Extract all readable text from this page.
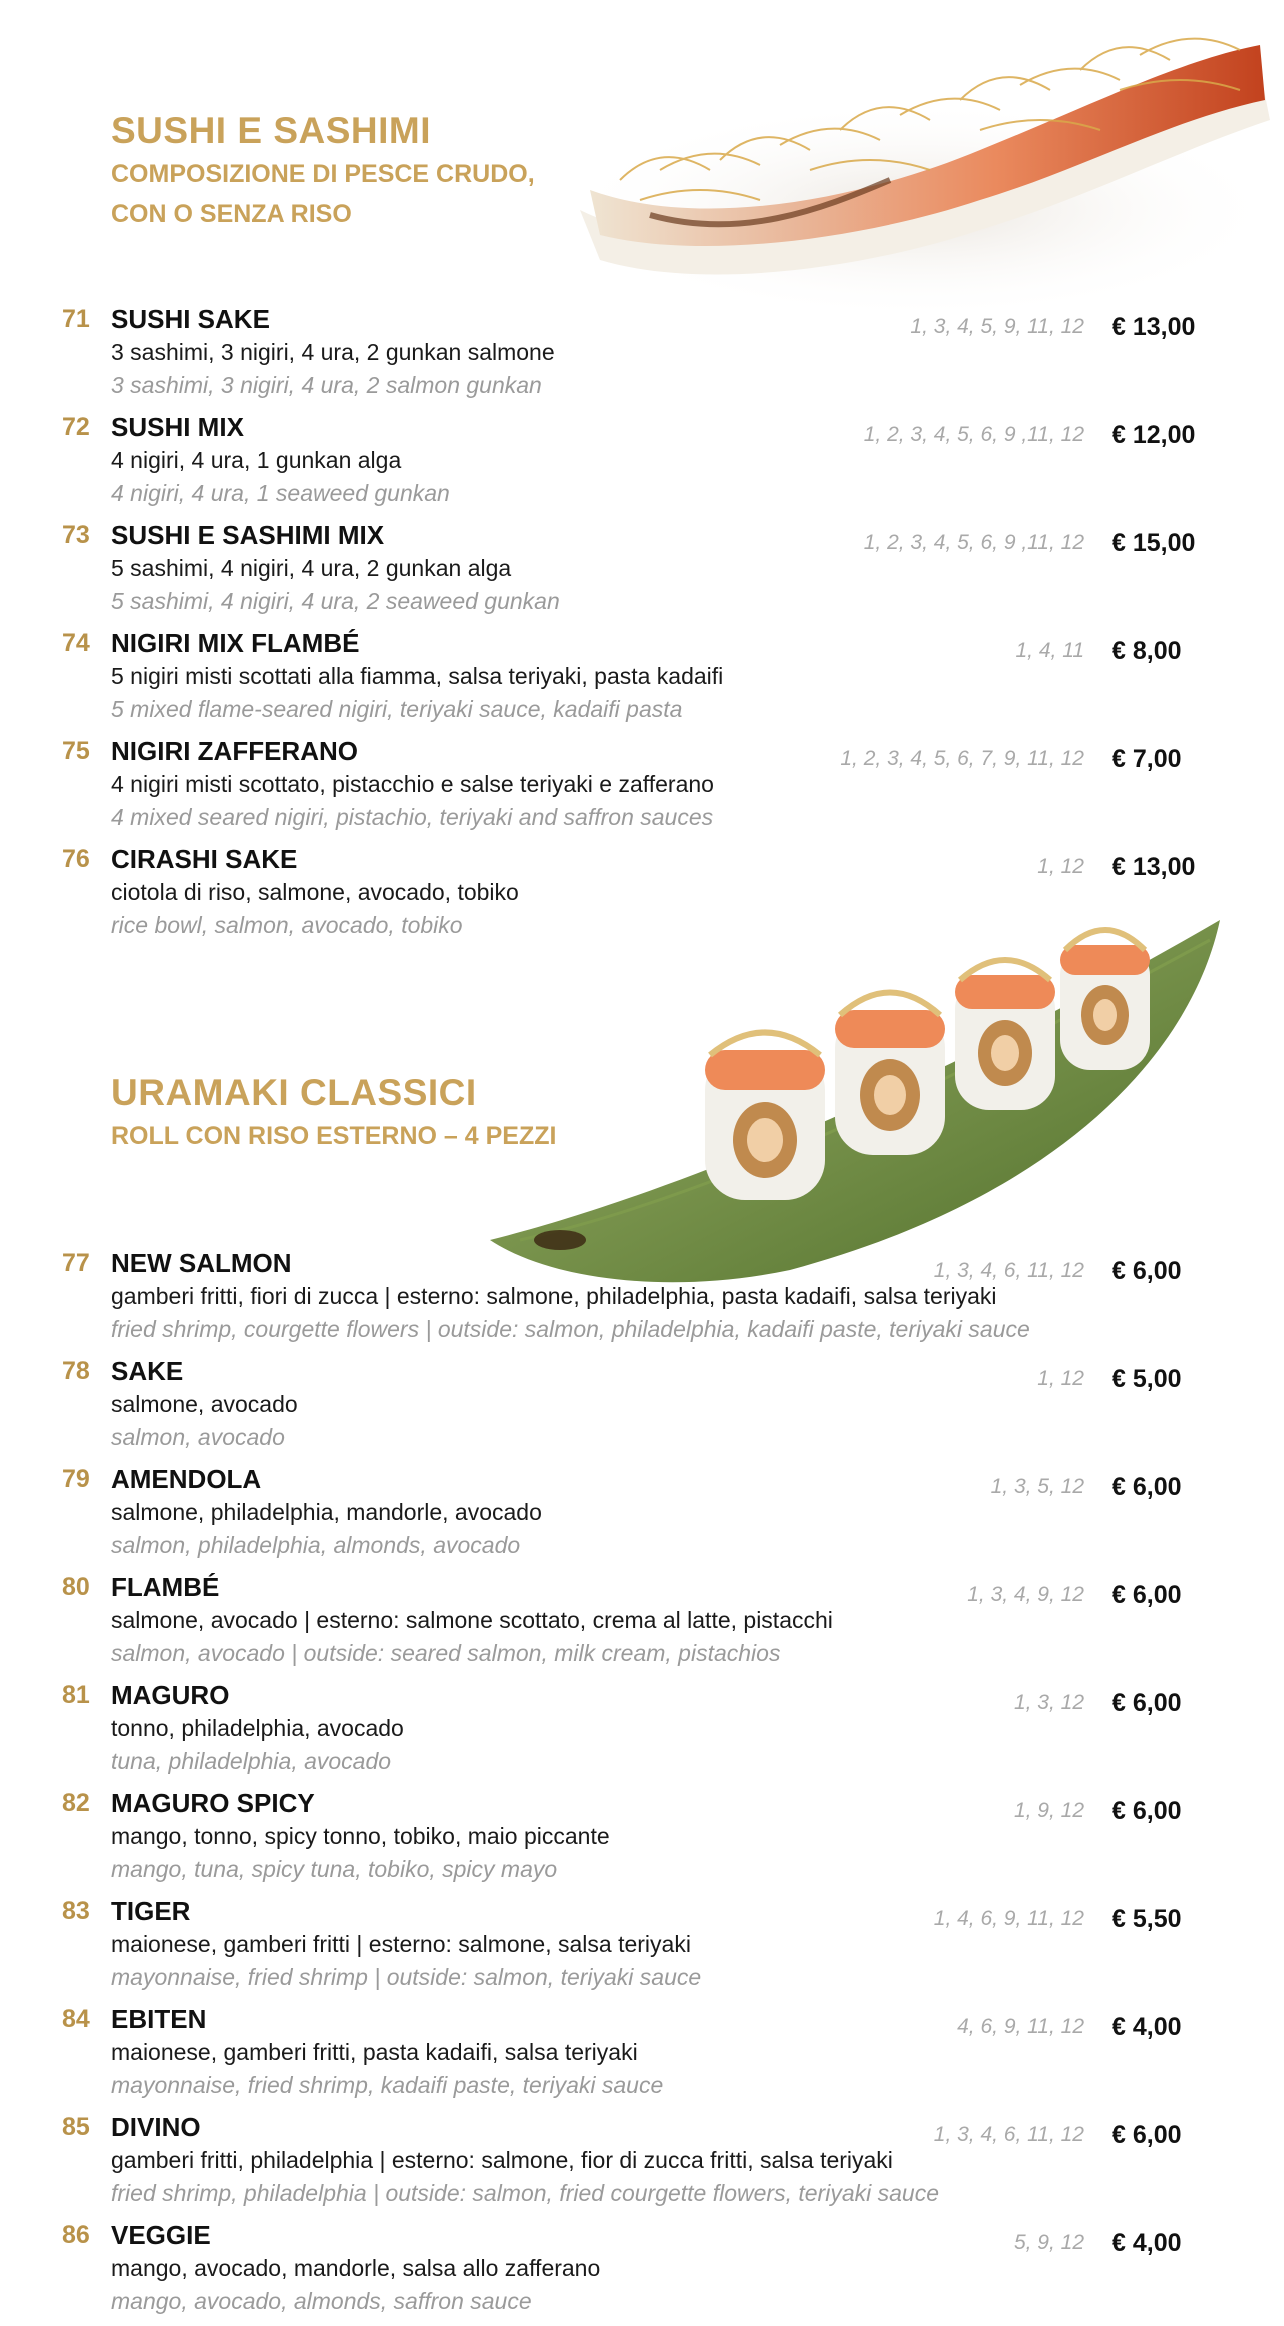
SUSHI E SASHIMI
COMPOSIZIONE DI PESCE CRUDO,
CON O SENZA RISO
71 SUSHI SAKE
3 sashimi, 3 nigiri, 4 ura, 2 gunkan salmone
3 sashimi, 3 nigiri, 4 ura, 2 salmon gunkan
1, 3, 4, 5, 9, 11, 12 € 13,00
72 SUSHI MIX
4 nigiri, 4 ura, 1 gunkan alga
4 nigiri, 4 ura, 1 seaweed gunkan
1, 2, 3, 4, 5, 6, 9 ,11, 12 € 12,00
73 SUSHI E SASHIMI MIX
5 sashimi, 4 nigiri, 4 ura, 2 gunkan alga
5 sashimi, 4 nigiri, 4 ura, 2 seaweed gunkan
1, 2, 3, 4, 5, 6, 9 ,11, 12 € 15,00
74 NIGIRI MIX FLAMBÉ
5 nigiri misti scottati alla fiamma, salsa teriyaki, pasta kadaifi
5 mixed flame-seared nigiri, teriyaki sauce, kadaifi pasta
1, 4, 11 € 8,00
75 NIGIRI ZAFFERANO
4 nigiri misti scottato, pistacchio e salse teriyaki e zafferano
4 mixed seared nigiri, pistachio, teriyaki and saffron sauces
1, 2, 3, 4, 5, 6, 7, 9, 11, 12 € 7,00
76 CIRASHI SAKE
ciotola di riso, salmone, avocado, tobiko
rice bowl, salmon, avocado, tobiko
1, 12 € 13,00
URAMAKI CLASSICI
ROLL CON RISO ESTERNO – 4 PEZZI
77 NEW SALMON
gamberi fritti, fiori di zucca | esterno: salmone, philadelphia, pasta kadaifi, salsa teriyaki
fried shrimp, courgette flowers | outside: salmon, philadelphia, kadaifi paste, teriyaki sauce
1, 3, 4, 6, 11, 12 € 6,00
78 SAKE
salmone, avocado
salmon, avocado
1, 12 € 5,00
79 AMENDOLA
salmone, philadelphia, mandorle, avocado
salmon, philadelphia, almonds, avocado
1, 3, 5, 12 € 6,00
80 FLAMBÉ
salmone, avocado | esterno: salmone scottato, crema al latte, pistacchi
salmon, avocado | outside: seared salmon, milk cream, pistachios
1, 3, 4, 9, 12 € 6,00
81 MAGURO
tonno, philadelphia, avocado
tuna, philadelphia, avocado
1, 3, 12 € 6,00
82 MAGURO SPICY
mango, tonno, spicy tonno, tobiko, maio piccante
mango, tuna, spicy tuna, tobiko, spicy mayo
1, 9, 12 € 6,00
83 TIGER
maionese, gamberi fritti | esterno: salmone, salsa teriyaki
mayonnaise, fried shrimp | outside: salmon, teriyaki sauce
1, 4, 6, 9, 11, 12 € 5,50
84 EBITEN
maionese, gamberi fritti, pasta kadaifi, salsa teriyaki
mayonnaise, fried shrimp, kadaifi paste, teriyaki sauce
4, 6, 9, 11, 12 € 4,00
85 DIVINO
gamberi fritti, philadelphia | esterno: salmone, fior di zucca fritti, salsa teriyaki
fried shrimp, philadelphia | outside: salmon, fried courgette flowers, teriyaki sauce
1, 3, 4, 6, 11, 12 € 6,00
86 VEGGIE
mango, avocado, mandorle, salsa allo zafferano
mango, avocado, almonds, saffron sauce
5, 9, 12 € 4,00
